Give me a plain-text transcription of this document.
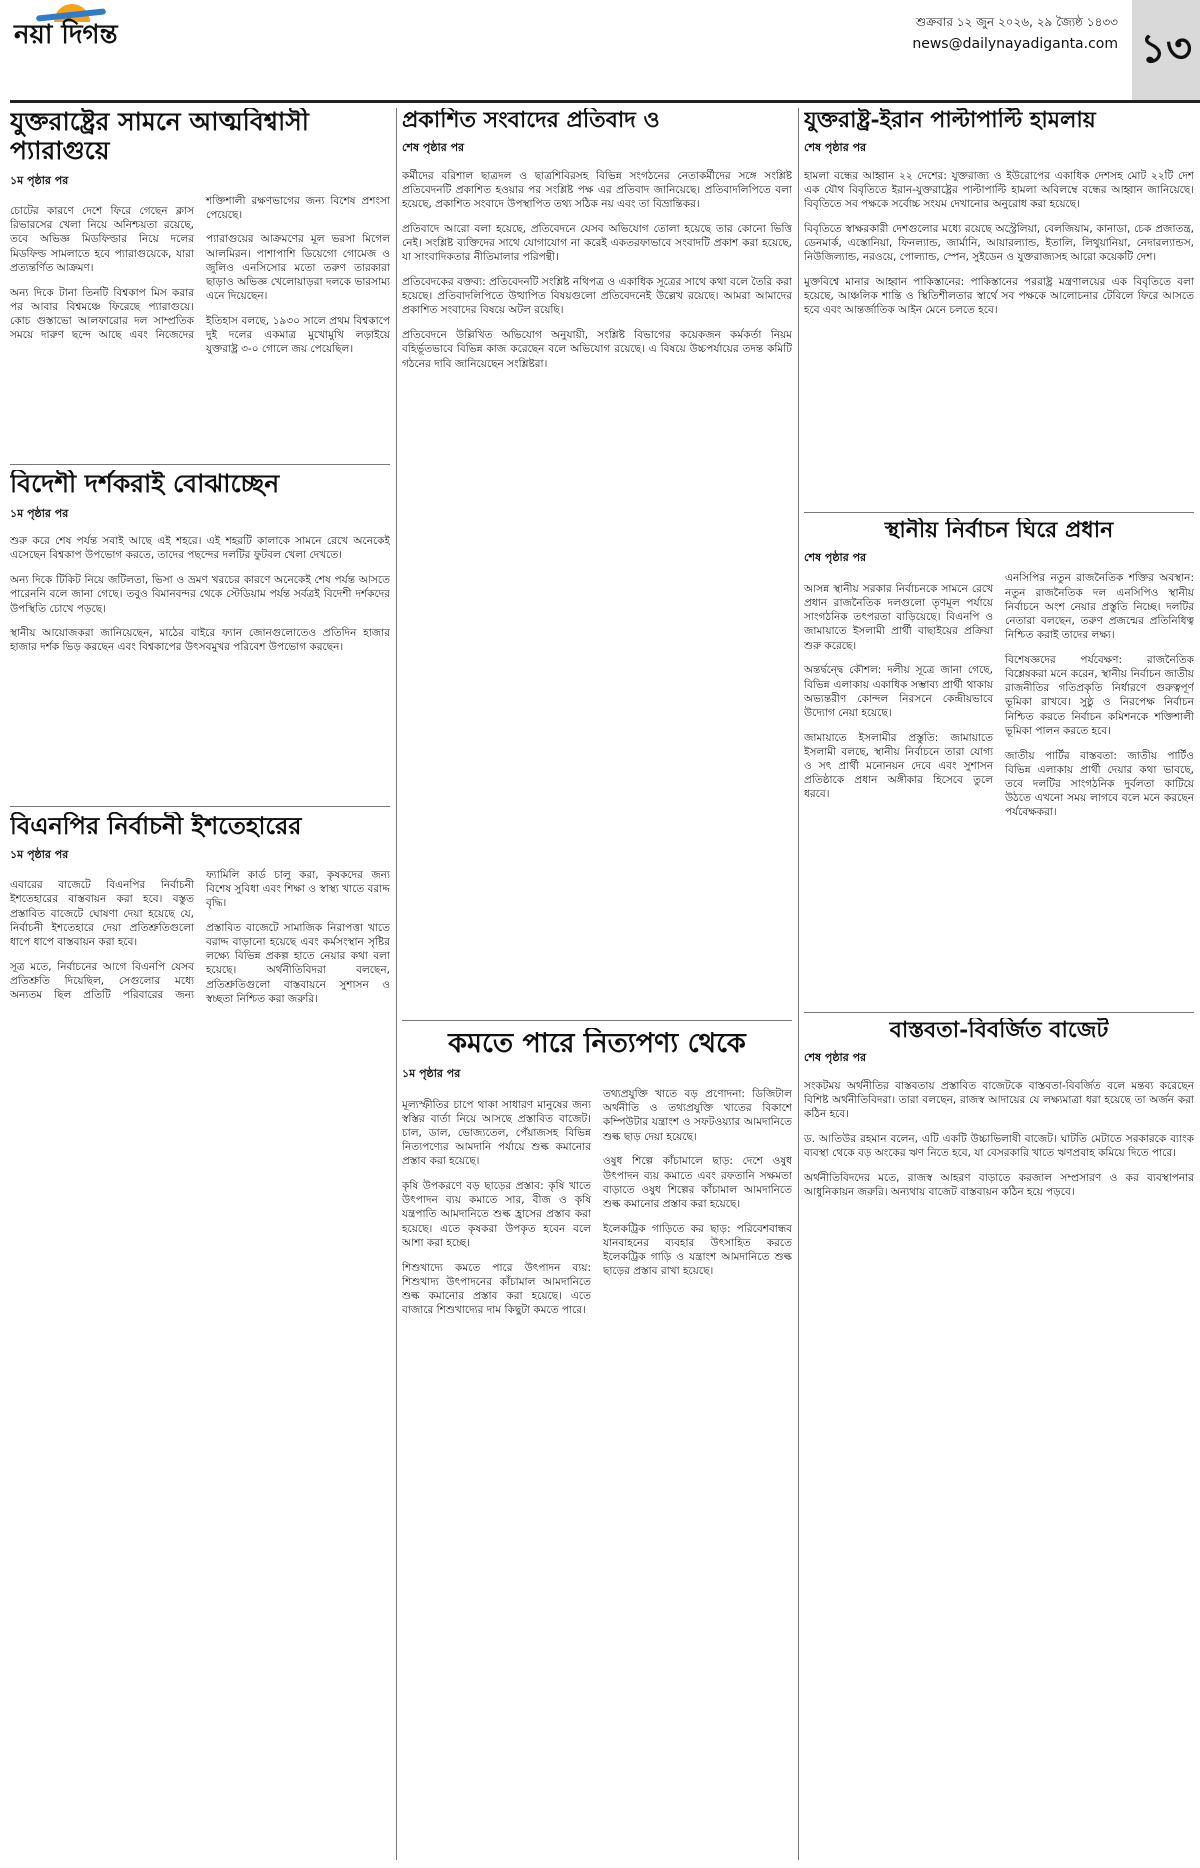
নয়া দিগন্ত	শুক্রবার ১২ জুন ২০২৬, ২৯ জ্যৈষ্ঠ ১৪৩৩
news@dailynayadiganta.com ১৩
যুক্তরাষ্ট্রের সামনে আত্মবিশ্বাসী প্যারাগুয়ে
১ম পৃষ্ঠার পর

চোটের কারণে দেশে ফিরে গেছেন ক্লাস রিভারসের খেলা নিয়ে অনিশ্চয়তা রয়েছে, তবে অভিজ্ঞ মিডফিল্ডার নিয়ে দলের মিডফিল্ড সামলাতে হবে প্যারাগুয়েকে, যারা প্রত্যন্তর্ণিত আক্রমণ।

অন্য দিকে টানা তিনটি বিশ্বকাপ মিস করার পর আবার বিশ্বমঞ্চে ফিরেছে প্যারাগুয়ে। কোচ গুস্তাভো আলফারোর দল সাম্প্রতিক সময়ে দারুণ ছন্দে আছে এবং নিজেদের শক্তিশালী রক্ষণভাগের জন্য বিশেষ প্রশংসা পেয়েছে।

প্যারাগুয়ের আক্রমণের মূল ভরসা মিগেল আলমিরন। পাশাপাশি ডিয়েগো গোমেজ ও জুলিও এনসিসোর মতো তরুণ তারকারা ছাড়াও অভিজ্ঞ খেলোয়াড়রা দলকে ভারসাম্য এনে দিয়েছেন।

ইতিহাস বলছে, ১৯৩০ সালে প্রথম বিশ্বকাপে দুই দলের একমাত্র মুখোমুখি লড়াইয়ে যুক্তরাষ্ট্র ৩-০ গোলে জয় পেয়েছিল।

বিদেশী দর্শকরাই বোঝাচ্ছেন
১ম পৃষ্ঠার পর

শুরু করে শেষ পর্যন্ত সবাই আছে এই শহরে। এই শহরটি কালাকে সামনে রেখে অনেকেই এসেছেন বিশ্বকাপ উপভোগ করতে, তাদের পছন্দের দলটির ফুটবল খেলা দেখতে।

অন্য দিকে টিকিট নিয়ে জটিলতা, ভিসা ও ভ্রমণ খরচের কারণে অনেকেই শেষ পর্যন্ত আসতে পারেননি বলে জানা গেছে। তবুও বিমানবন্দর থেকে স্টেডিয়াম পর্যন্ত সর্বত্রই বিদেশী দর্শকদের উপস্থিতি চোখে পড়ছে।

স্থানীয় আয়োজকরা জানিয়েছেন, মাঠের বাইরে ফ্যান জোনগুলোতেও প্রতিদিন হাজার হাজার দর্শক ভিড় করছেন এবং বিশ্বকাপের উৎসবমুখর পরিবেশ উপভোগ করছেন।

বিএনপির নির্বাচনী ইশতেহারের
১ম পৃষ্ঠার পর

এবারের বাজেটে বিএনপির নির্বাচনী ইশতেহারের বাস্তবায়ন করা হবে। বস্তুত প্রস্তাবিত বাজেটে ঘোষণা দেয়া হয়েছে যে, নির্বাচনী ইশতেহারে দেয়া প্রতিশ্রুতিগুলো ধাপে ধাপে বাস্তবায়ন করা হবে।

সূত্র মতে, নির্বাচনের আগে বিএনপি যেসব প্রতিশ্রুতি দিয়েছিল, সেগুলোর মধ্যে অন্যতম ছিল প্রতিটি পরিবারের জন্য ফ্যামিলি কার্ড চালু করা, কৃষকদের জন্য বিশেষ সুবিধা এবং শিক্ষা ও স্বাস্থ্য খাতে বরাদ্দ বৃদ্ধি।

প্রস্তাবিত বাজেটে সামাজিক নিরাপত্তা খাতে বরাদ্দ বাড়ানো হয়েছে এবং কর্মসংস্থান সৃষ্টির লক্ষ্যে বিভিন্ন প্রকল্প হাতে নেয়ার কথা বলা হয়েছে। অর্থনীতিবিদরা বলছেন, প্রতিশ্রুতিগুলো বাস্তবায়নে সুশাসন ও স্বচ্ছতা নিশ্চিত করা জরুরি।

প্রকাশিত সংবাদের প্রতিবাদ ও
শেষ পৃষ্ঠার পর

কর্মীদের বরিশাল ছাত্রদল ও ছাত্রশিবিরসহ বিভিন্ন সংগঠনের নেতাকর্মীদের সঙ্গে সংশ্লিষ্ট প্রতিবেদনটি প্রকাশিত হওয়ার পর সংশ্লিষ্ট পক্ষ এর প্রতিবাদ জানিয়েছে। প্রতিবাদলিপিতে বলা হয়েছে, প্রকাশিত সংবাদে উপস্থাপিত তথ্য সঠিক নয় এবং তা বিভ্রান্তিকর।

প্রতিবাদে আরো বলা হয়েছে, প্রতিবেদনে যেসব অভিযোগ তোলা হয়েছে তার কোনো ভিত্তি নেই। সংশ্লিষ্ট ব্যক্তিদের সাথে যোগাযোগ না করেই একতরফাভাবে সংবাদটি প্রকাশ করা হয়েছে, যা সাংবাদিকতার নীতিমালার পরিপন্থী।

প্রতিবেদকের বক্তব্য: প্রতিবেদনটি সংশ্লিষ্ট নথিপত্র ও একাধিক সূত্রের সাথে কথা বলে তৈরি করা হয়েছে। প্রতিবাদলিপিতে উত্থাপিত বিষয়গুলো প্রতিবেদনেই উল্লেখ রয়েছে। আমরা আমাদের প্রকাশিত সংবাদের বিষয়ে অটল রয়েছি।

প্রতিবেদনে উল্লিখিত অভিযোগ অনুযায়ী, সংশ্লিষ্ট বিভাগের কয়েকজন কর্মকর্তা নিয়ম বহির্ভূতভাবে বিভিন্ন কাজ করেছেন বলে অভিযোগ রয়েছে। এ বিষয়ে উচ্চপর্যায়ের তদন্ত কমিটি গঠনের দাবি জানিয়েছেন সংশ্লিষ্টরা।

কমতে পারে নিত্যপণ্য থেকে
১ম পৃষ্ঠার পর

মূল্যস্ফীতির চাপে থাকা সাধারণ মানুষের জন্য স্বস্তির বার্তা নিয়ে আসছে প্রস্তাবিত বাজেট। চাল, ডাল, ভোজ্যতেল, পেঁয়াজসহ বিভিন্ন নিত্যপণ্যের আমদানি পর্যায়ে শুল্ক কমানোর প্রস্তাব করা হয়েছে।

কৃষি উপকরণে বড় ছাড়ের প্রস্তাব: কৃষি খাতে উৎপাদন ব্যয় কমাতে সার, বীজ ও কৃষি যন্ত্রপাতি আমদানিতে শুল্ক হ্রাসের প্রস্তাব করা হয়েছে। এতে কৃষকরা উপকৃত হবেন বলে আশা করা হচ্ছে।

শিশুখাদ্যে কমতে পারে উৎপাদন ব্যয়: শিশুখাদ্য উৎপাদনের কাঁচামাল আমদানিতে শুল্ক কমানোর প্রস্তাব করা হয়েছে। এতে বাজারে শিশুখাদ্যের দাম কিছুটা কমতে পারে।

তথ্যপ্রযুক্তি খাতে বড় প্রণোদনা: ডিজিটাল অর্থনীতি ও তথ্যপ্রযুক্তি খাতের বিকাশে কম্পিউটার যন্ত্রাংশ ও সফটওয়্যার আমদানিতে শুল্ক ছাড় দেয়া হয়েছে।

ওষুধ শিল্পে কাঁচামালে ছাড়: দেশে ওষুধ উৎপাদন ব্যয় কমাতে এবং রফতানি সক্ষমতা বাড়াতে ওষুধ শিল্পের কাঁচামাল আমদানিতে শুল্ক কমানোর প্রস্তাব করা হয়েছে।

ইলেকট্রিক গাড়িতে কর ছাড়: পরিবেশবান্ধব যানবাহনের ব্যবহার উৎসাহিত করতে ইলেকট্রিক গাড়ি ও যন্ত্রাংশ আমদানিতে শুল্ক ছাড়ের প্রস্তাব রাখা হয়েছে।

যুক্তরাষ্ট্র-ইরান পাল্টাপাল্টি হামলায়
শেষ পৃষ্ঠার পর

হামলা বন্ধের আহ্বান ২২ দেশের: যুক্তরাজ্য ও ইউরোপের একাধিক দেশসহ মোট ২২টি দেশ এক যৌথ বিবৃতিতে ইরান-যুক্তরাষ্ট্রের পাল্টাপাল্টি হামলা অবিলম্বে বন্ধের আহ্বান জানিয়েছে। বিবৃতিতে সব পক্ষকে সর্বোচ্চ সংযম দেখানোর অনুরোধ করা হয়েছে।

বিবৃতিতে স্বাক্ষরকারী দেশগুলোর মধ্যে রয়েছে অস্ট্রেলিয়া, বেলজিয়াম, কানাডা, চেক প্রজাতন্ত্র, ডেনমার্ক, এস্তোনিয়া, ফিনল্যান্ড, জার্মানি, আয়ারল্যান্ড, ইতালি, লিথুয়ানিয়া, নেদারল্যান্ডস, নিউজিল্যান্ড, নরওয়ে, পোল্যান্ড, স্পেন, সুইডেন ও যুক্তরাজ্যসহ আরো কয়েকটি দেশ।

মুক্তবিশ্বে মানার আহ্বান পাকিস্তানের: পাকিস্তানের পররাষ্ট্র মন্ত্রণালয়ের এক বিবৃতিতে বলা হয়েছে, আঞ্চলিক শান্তি ও স্থিতিশীলতার স্বার্থে সব পক্ষকে আলোচনার টেবিলে ফিরে আসতে হবে এবং আন্তর্জাতিক আইন মেনে চলতে হবে।

স্থানীয় নির্বাচন ঘিরে প্রধান
শেষ পৃষ্ঠার পর

আসন্ন স্থানীয় সরকার নির্বাচনকে সামনে রেখে প্রধান রাজনৈতিক দলগুলো তৃণমূল পর্যায়ে সাংগঠনিক তৎপরতা বাড়িয়েছে। বিএনপি ও জামায়াতে ইসলামী প্রার্থী বাছাইয়ের প্রক্রিয়া শুরু করেছে।

অন্তর্দ্বন্দ্বে কৌশল: দলীয় সূত্রে জানা গেছে, বিভিন্ন এলাকায় একাধিক সম্ভাব্য প্রার্থী থাকায় অভ্যন্তরীণ কোন্দল নিরসনে কেন্দ্রীয়ভাবে উদ্যোগ নেয়া হয়েছে।

জামায়াতে ইসলামীর প্রস্তুতি: জামায়াতে ইসলামী বলছে, স্থানীয় নির্বাচনে তারা যোগ্য ও সৎ প্রার্থী মনোনয়ন দেবে এবং সুশাসন প্রতিষ্ঠাকে প্রধান অঙ্গীকার হিসেবে তুলে ধরবে।

এনসিপির নতুন রাজনৈতিক শক্তির অবস্থান: নতুন রাজনৈতিক দল এনসিপিও স্থানীয় নির্বাচনে অংশ নেয়ার প্রস্তুতি নিচ্ছে। দলটির নেতারা বলছেন, তরুণ প্রজন্মের প্রতিনিধিত্ব নিশ্চিত করাই তাদের লক্ষ্য।

বিশেষজ্ঞদের পর্যবেক্ষণ: রাজনৈতিক বিশ্লেষকরা মনে করেন, স্থানীয় নির্বাচন জাতীয় রাজনীতির গতিপ্রকৃতি নির্ধারণে গুরুত্বপূর্ণ ভূমিকা রাখবে। সুষ্ঠু ও নিরপেক্ষ নির্বাচন নিশ্চিত করতে নির্বাচন কমিশনকে শক্তিশালী ভূমিকা পালন করতে হবে।

জাতীয় পার্টির বাস্তবতা: জাতীয় পার্টিও বিভিন্ন এলাকায় প্রার্থী দেয়ার কথা ভাবছে, তবে দলটির সাংগঠনিক দুর্বলতা কাটিয়ে উঠতে এখনো সময় লাগবে বলে মনে করছেন পর্যবেক্ষকরা।

বাস্তবতা-বিবর্জিত বাজেট
শেষ পৃষ্ঠার পর

সংকটময় অর্থনীতির বাস্তবতায় প্রস্তাবিত বাজেটকে বাস্তবতা-বিবর্জিত বলে মন্তব্য করেছেন বিশিষ্ট অর্থনীতিবিদরা। তারা বলছেন, রাজস্ব আদায়ের যে লক্ষ্যমাত্রা ধরা হয়েছে তা অর্জন করা কঠিন হবে।

ড. আতিউর রহমান বলেন, এটি একটি উচ্চাভিলাষী বাজেট। ঘাটতি মেটাতে সরকারকে ব্যাংক ব্যবস্থা থেকে বড় অংকের ঋণ নিতে হবে, যা বেসরকারি খাতে ঋণপ্রবাহ কমিয়ে দিতে পারে।

অর্থনীতিবিদদের মতে, রাজস্ব আহরণ বাড়াতে করজাল সম্প্রসারণ ও কর ব্যবস্থাপনার আধুনিকায়ন জরুরি। অন্যথায় বাজেট বাস্তবায়ন কঠিন হয়ে পড়বে।
